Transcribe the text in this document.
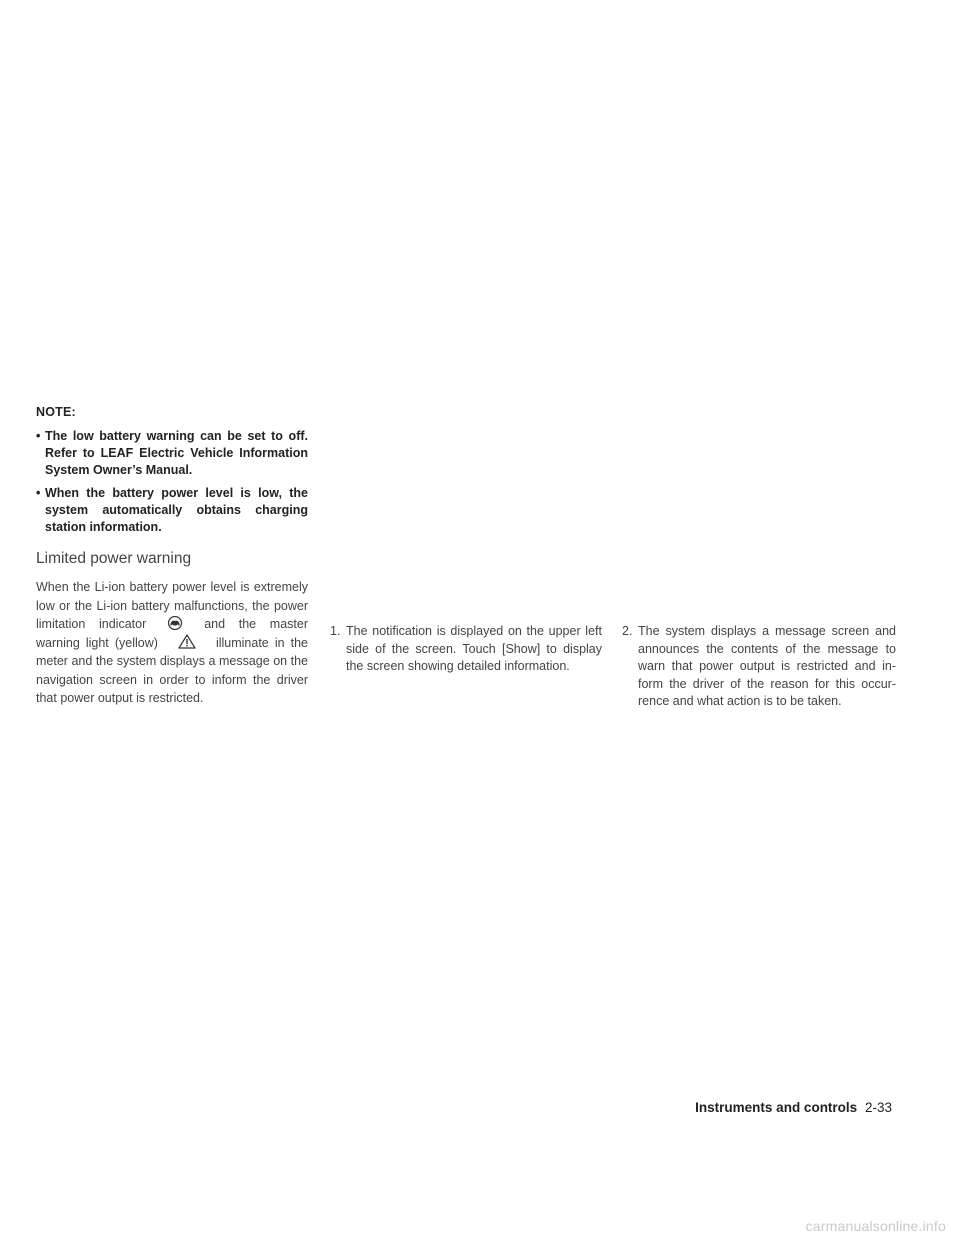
NOTE:
• The low battery warning can be set to off. Refer to LEAF Electric Vehicle Information System Owner’s Manual.
• When the battery power level is low, the system automatically obtains charging station information.
Limited power warning

When the Li-ion battery power level is extremely low or the Li-ion battery malfunctions, the power limitation indicator	and the master warning light (yellow)	illuminate in the meter and the system displays a message on the navigation screen in order to inform the driver that power output is restricted.

1. The notification is displayed on the upper left side of the screen. Touch [Show] to display the screen showing detailed information.
2. The system displays a message screen and announces the contents of the message to warn that power output is restricted and in- form the driver of the reason for this occur- rence and what action is to be taken.
Instruments and controls 2-33
carmanualsonline.info
